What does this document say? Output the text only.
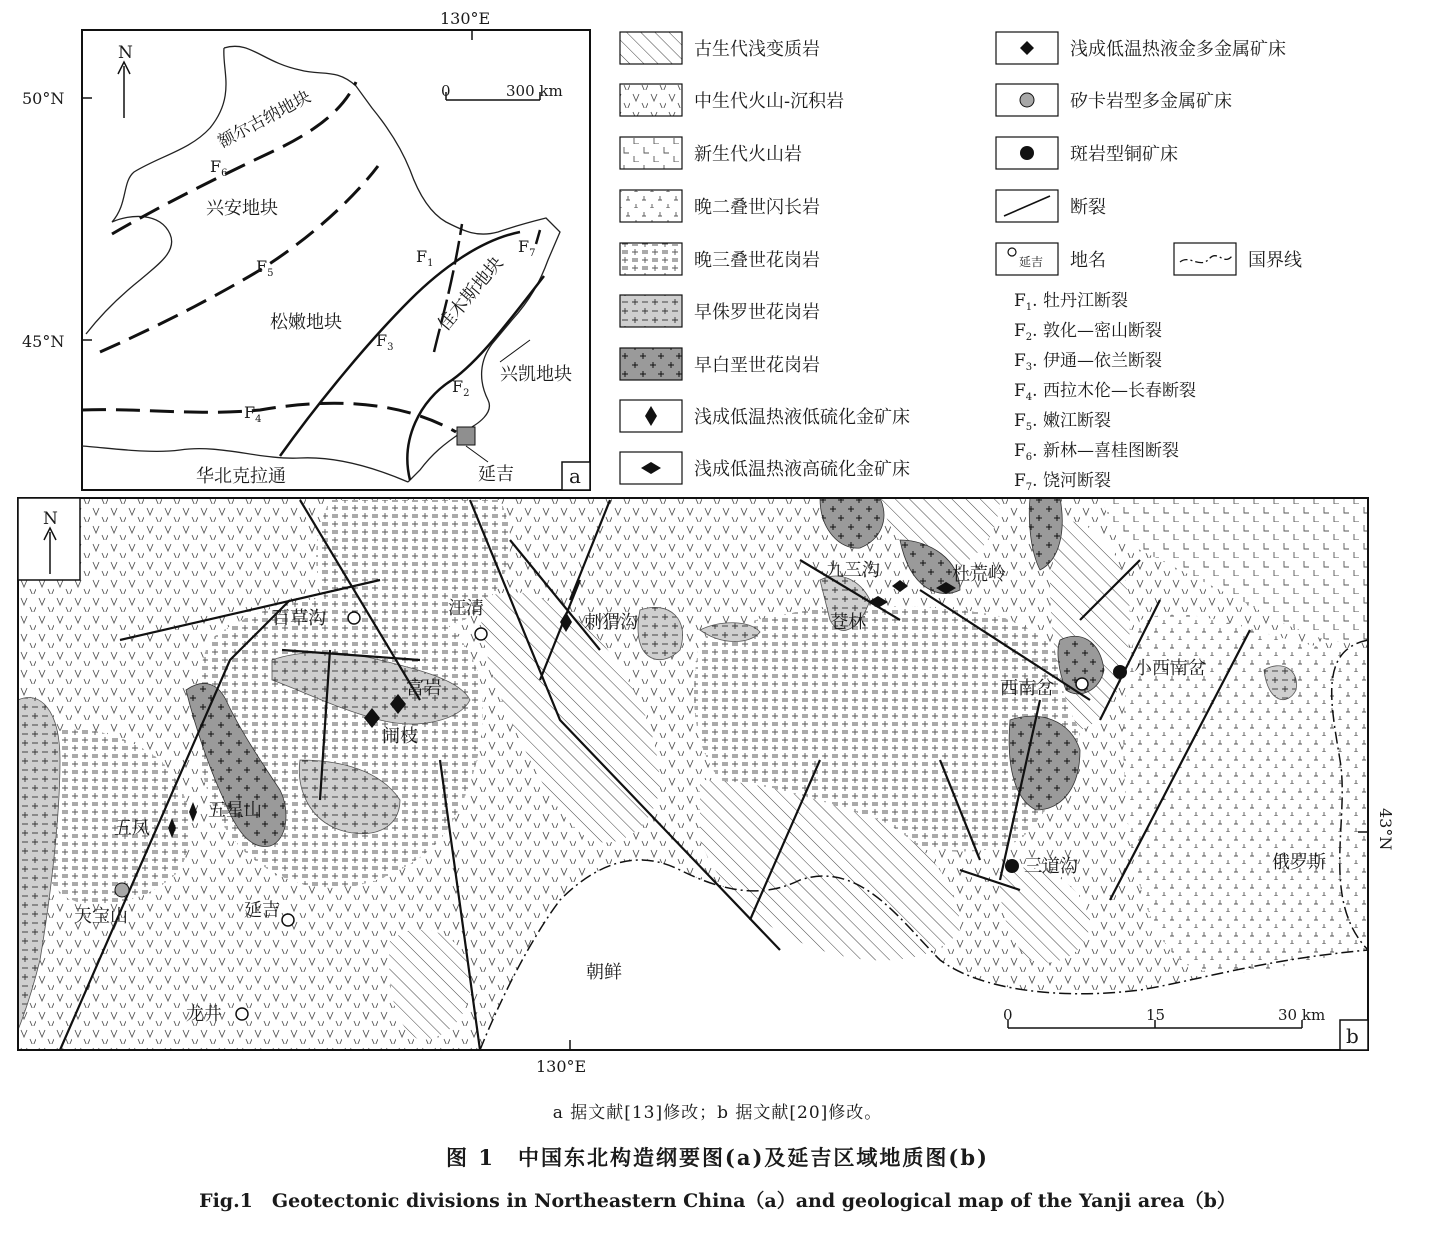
N
0	300 km
50°N
45°N
130°E
额尔古纳地块
兴安地块
松嫩地块	佳木斯地块
兴凯地块
华北克拉通	延吉
$F_1$
$F_2$
$F_3$
$F_4$
$F_5$
$F_6$
$F_7$
a
古生代浅变质岩
中生代火山-沉积岩
新生代火山岩
晚二叠世闪长岩
晚三叠世花岗岩
早侏罗世花岗岩
早白垩世花岗岩
浅成低温热液低硫化金矿床
浅成低温热液高硫化金矿床
浅成低温热液金多金属矿床
矽卡岩型多金属矿床
斑岩型铜矿床
断裂
延吉 地名	国界线
$F_1$. 牡丹江断裂
$F_2$. 敦化—密山断裂
$F_3$. 伊通—依兰断裂
$F_4$. 西拉木伦—长春断裂
$F_5$. 嫩江断裂
$F_6$. 新林—喜桂图断裂
$F_7$. 饶河断裂
N
0	15	30 km
b
130°E
43°N
百草沟	汪清
刺猬沟
九三沟	杜荒岭
苍林
富岩
闹枝
西南岔
小西南岔
五星山
五凤
天宝山	延吉
龙井
三道沟
朝鲜
俄罗斯
a 据文献[13]修改；b 据文献[20]修改。
图 1　中国东北构造纲要图(a)及延吉区域地质图(b)
Fig.1　Geotectonic divisions in Northeastern China（a）and geological map of the Yanji area（b）
